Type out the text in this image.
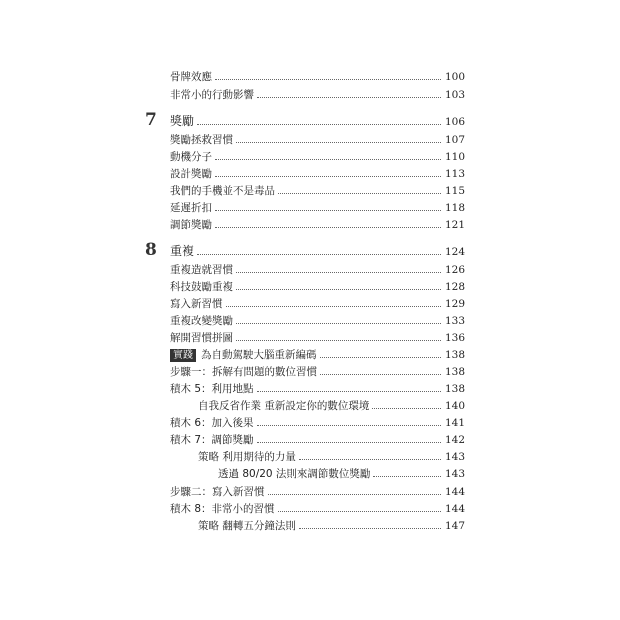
骨牌效應	100
非常小的行動影響	103
7 獎勵	106
獎勵拯救習慣	107
動機分子	110
設計獎勵	113
我們的手機並不是毒品	115
延遲折扣	118
調節獎勵	121
8 重複	124
重複造就習慣	126
科技鼓勵重複	128
寫入新習慣	129
重複改變獎勵	133
解開習慣拼圖	136
實踐 為自動駕駛大腦重新編碼	138
步驟一：拆解有問題的數位習慣	138
積木 5：利用地點	138
自我反省作業 重新設定你的數位環境	140
積木 6：加入後果	141
積木 7：調節獎勵	142
策略 利用期待的力量	143
透過 80/20 法則來調節數位獎勵	143
步驟二：寫入新習慣	144
積木 8：非常小的習慣	144
策略 翻轉五分鐘法則	147
